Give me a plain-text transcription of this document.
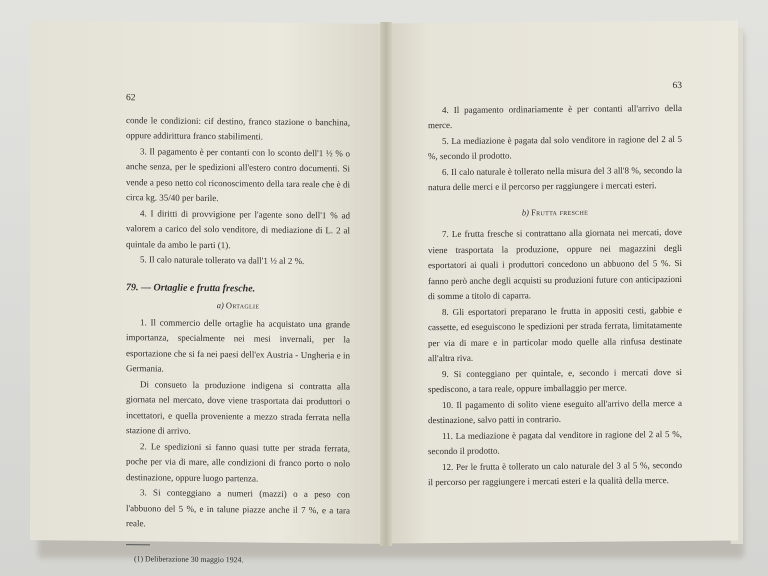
62

conde le condizioni: cif destino, franco stazione o banchina, oppure addirittura franco stabilimenti.

3. Il pagamento è per contanti con lo sconto dell'1 ½ % o anche senza, per le spedizioni all'estero contro documenti. Si vende a peso netto col riconoscimento della tara reale che è di circa kg. 35/40 per barile.

4. I diritti di provvigione per l'agente sono dell'1 % ad valorem a carico del solo venditore, di mediazione di L. 2 al quintale da ambo le parti (1).

5. Il calo naturale tollerato va dall'1 ½ al 2 %.

79. — Ortaglie e frutta fresche.
a) Ortaglie

1. Il commercio delle ortaglie ha acquistato una grande importanza, specialmente nei mesi invernali, per la esportazione che si fa nei paesi dell'ex Austria - Ungheria e in Germania.

Di consueto la produzione indigena si contratta alla giornata nel mercato, dove viene trasportata dai produttori o incettatori, e quella proveniente a mezzo strada ferrata nella stazione di arrivo.

2. Le spedizioni si fanno quasi tutte per strada ferrata, poche per via di mare, alle condizioni di franco porto o nolo destinazione, oppure luogo partenza.

3. Si conteggiano a numeri (mazzi) o a peso con l'abbuono del 5 %, e in talune piazze anche il 7 %, e a tara reale.

(1) Deliberazione 30 maggio 1924.
63

4. Il pagamento ordinariamente è per contanti all'arrivo della merce.

5. La mediazione è pagata dal solo venditore in ragione del 2 al 5 %, secondo il prodotto.

6. Il calo naturale è tollerato nella misura del 3 all'8 %, secondo la natura delle merci e il percorso per raggiungere i mercati esteri.

b) Frutta fresche

7. Le frutta fresche si contrattano alla giornata nei mercati, dove viene trasportata la produzione, oppure nei magazzini degli esportatori ai quali i produttori concedono un abbuono del 5 %. Si fanno però anche degli acquisti su produzioni future con anticipazioni di somme a titolo di caparra.

8. Gli esportatori preparano le frutta in appositi cesti, gabbie e cassette, ed eseguiscono le spedizioni per strada ferrata, limitatamente per via di mare e in particolar modo quelle alla rinfusa destinate all'altra riva.

9. Si conteggiano per quintale, e, secondo i mercati dove si spediscono, a tara reale, oppure imballaggio per merce.

10. Il pagamento di solito viene eseguito all'arrivo della merce a destinazione, salvo patti in contrario.

11. La mediazione è pagata dal venditore in ragione del 2 al 5 %, secondo il prodotto.

12. Per le frutta è tollerato un calo naturale del 3 al 5 %, secondo il percorso per raggiungere i mercati esteri e la qualità della merce.
